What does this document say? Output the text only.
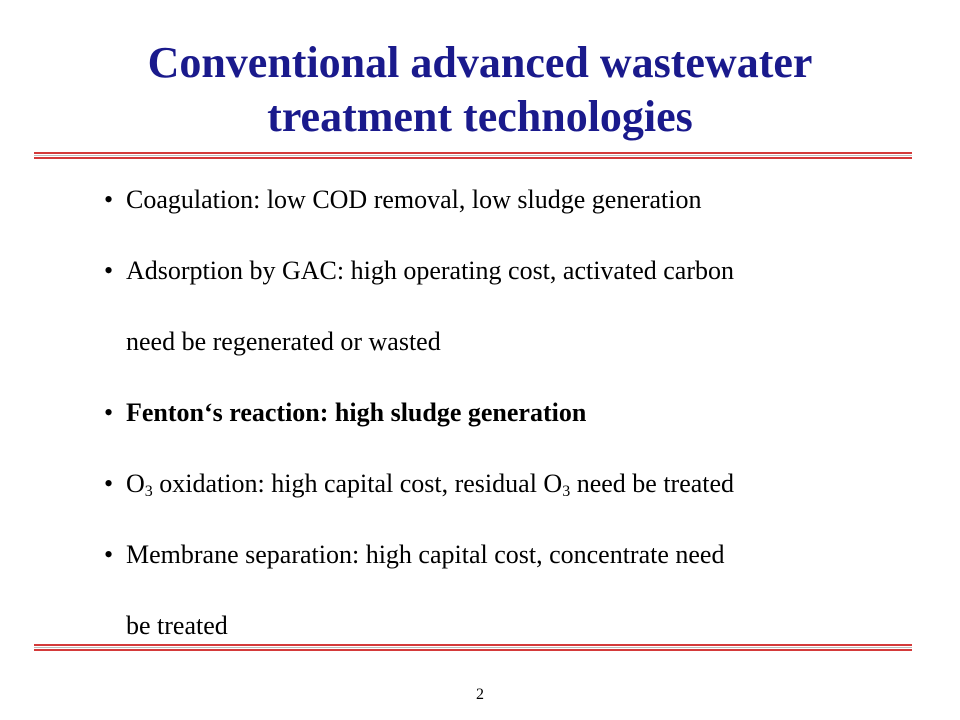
Conventional advanced wastewater
treatment technologies
• Coagulation: low COD removal, low sludge generation
• Adsorption by GAC: high operating cost, activated carbon
need be regenerated or wasted
• Fenton‘s reaction: high sludge generation
• $O_3$ oxidation: high capital cost, residual $O_3$ need be treated
• Membrane separation: high capital cost, concentrate need
be treated
2
